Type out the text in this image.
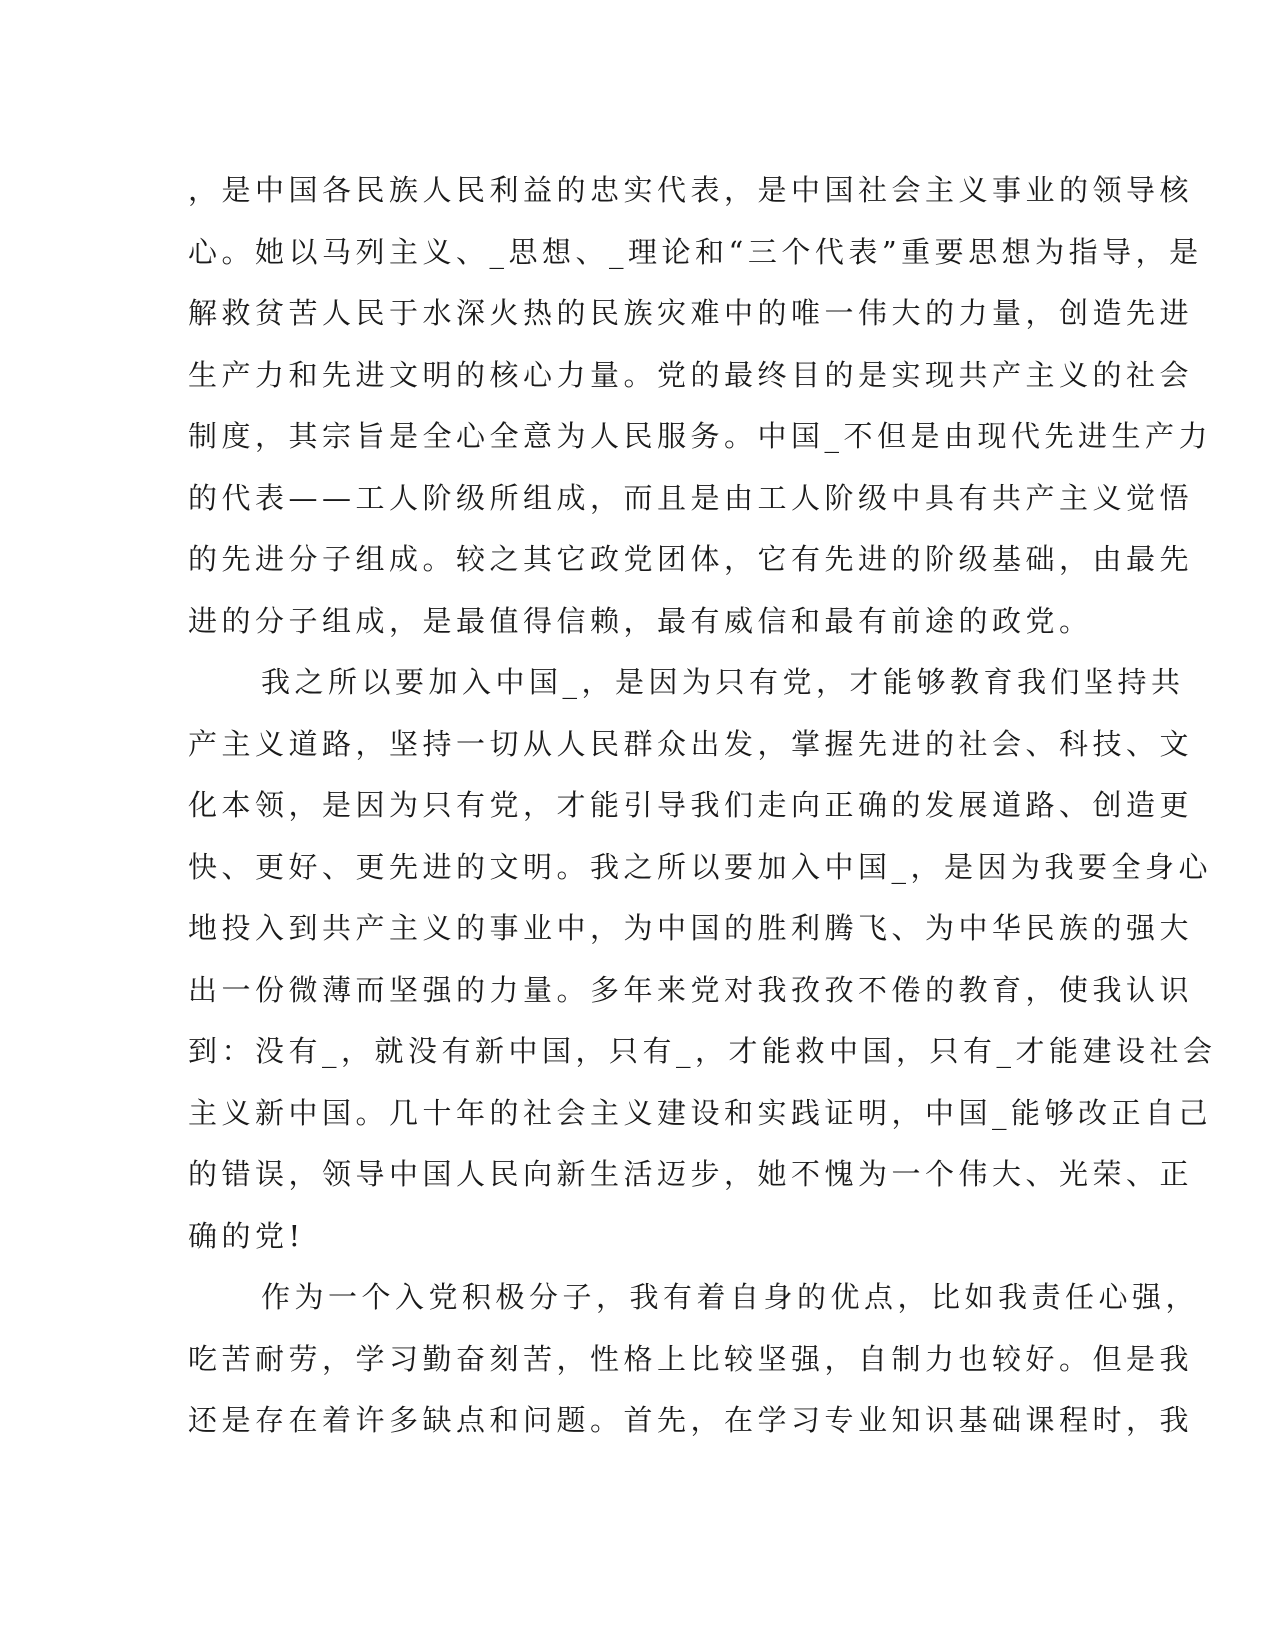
，是中国各民族人民利益的忠实代表，是中国社会主义事业的领导核
心。她以马列主义、_思想、_理论和“三个代表”重要思想为指导，是
解救贫苦人民于水深火热的民族灾难中的唯一伟大的力量，创造先进
生产力和先进文明的核心力量。党的最终目的是实现共产主义的社会
制度，其宗旨是全心全意为人民服务。中国_不但是由现代先进生产力
的代表——工人阶级所组成，而且是由工人阶级中具有共产主义觉悟
的先进分子组成。较之其它政党团体，它有先进的阶级基础，由最先
进的分子组成，是最值得信赖，最有威信和最有前途的政党。
我之所以要加入中国_，是因为只有党，才能够教育我们坚持共
产主义道路，坚持一切从人民群众出发，掌握先进的社会、科技、文
化本领，是因为只有党，才能引导我们走向正确的发展道路、创造更
快、更好、更先进的文明。我之所以要加入中国_，是因为我要全身心
地投入到共产主义的事业中，为中国的胜利腾飞、为中华民族的强大
出一份微薄而坚强的力量。多年来党对我孜孜不倦的教育，使我认识
到：没有_，就没有新中国，只有_，才能救中国，只有_才能建设社会
主义新中国。几十年的社会主义建设和实践证明，中国_能够改正自己
的错误，领导中国人民向新生活迈步，她不愧为一个伟大、光荣、正
确的党!
作为一个入党积极分子，我有着自身的优点，比如我责任心强，
吃苦耐劳，学习勤奋刻苦，性格上比较坚强，自制力也较好。但是我
还是存在着许多缺点和问题。首先，在学习专业知识基础课程时，我
